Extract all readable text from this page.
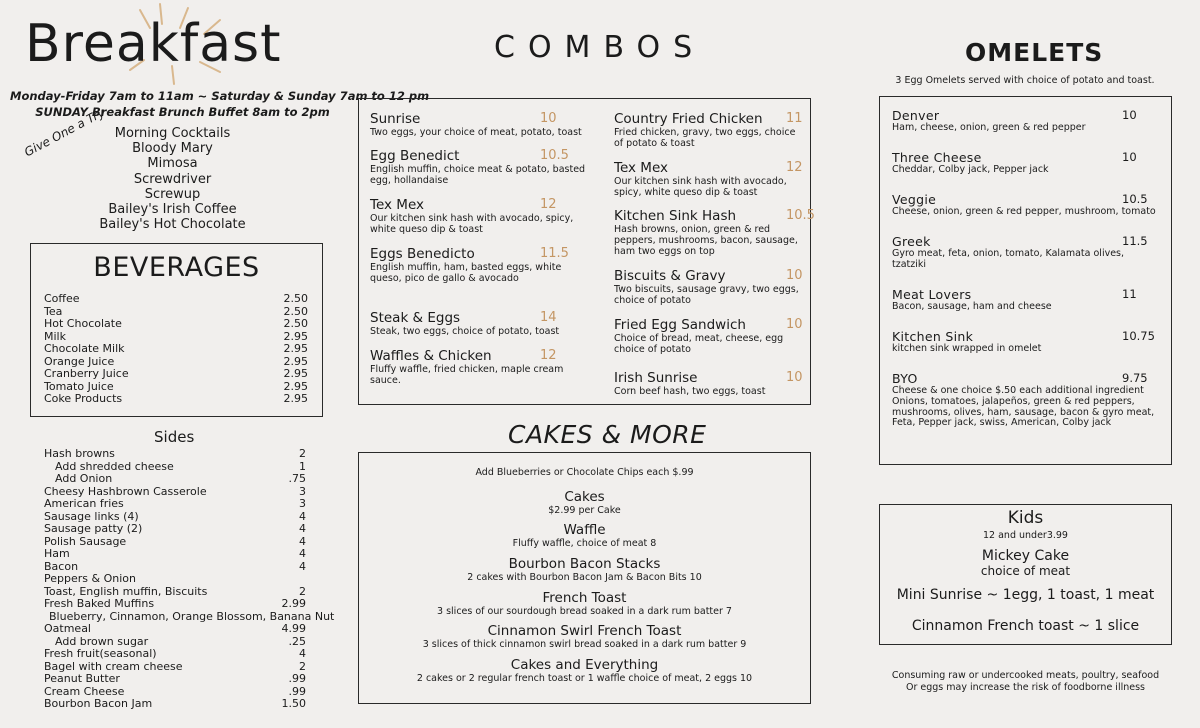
Breakfast
Monday-Friday 7am to 11am ~ Saturday & Sunday 7am to 12 pm
SUNDAY Breakfast Brunch Buffet 8am to 2pm
Give One a Try Morning Cocktails
Bloody Mary
Mimosa
Screwdriver
Screwup
Bailey's Irish Coffee
Bailey's Hot Chocolate
BEVERAGES
Coffee	2.50
Tea	2.50
Hot Chocolate	2.50
Milk	2.95
Chocolate Milk	2.95
Orange Juice	2.95
Cranberry Juice	2.95
Tomato Juice	2.95
Coke Products	2.95
Sides
Hash browns	2
Add shredded cheese	1
Add Onion	.75
Cheesy Hashbrown Casserole	3
American fries	3
Sausage links (4)	4
Sausage patty (2)	4
Polish Sausage	4
Ham	4
Bacon	4
Peppers & Onion
Toast, English muffin, Biscuits	2
Fresh Baked Muffins	2.99
Blueberry, Cinnamon, Orange Blossom, Banana Nut
Oatmeal	4.99
Add brown sugar	.25
Fresh fruit(seasonal)	4
Bagel with cream cheese	2
Peanut Butter	.99
Cream Cheese	.99
Bourbon Bacon Jam	1.50
COMBOS
Sunrise	10
Two eggs, your choice of meat, potato, toast
Egg Benedict	10.5
English muffin, choice meat & potato, basted egg, hollandaise
Tex Mex	12
Our kitchen sink hash with avocado, spicy, white queso dip & toast
Eggs Benedicto	11.5
English muffin, ham, basted eggs, white queso, pico de gallo & avocado
Steak & Eggs	14
Steak, two eggs, choice of potato, toast
Waffles & Chicken	12
Fluffy waffle, fried chicken, maple cream sauce.
Country Fried Chicken	11
Fried chicken, gravy, two eggs, choice of potato & toast
Tex Mex	12
Our kitchen sink hash with avocado, spicy, white queso dip & toast
Kitchen Sink Hash	10.5
Hash browns, onion, green & red peppers, mushrooms, bacon, sausage, ham two eggs on top
Biscuits & Gravy	10
Two biscuits, sausage gravy, two eggs, choice of potato
Fried Egg Sandwich	10
Choice of bread, meat, cheese, egg choice of potato
Irish Sunrise	10
Corn beef hash, two eggs, toast
CAKES & MORE
Add Blueberries or Chocolate Chips each $.99
Cakes
$2.99 per Cake
Waffle
Fluffy waffle, choice of meat 8
Bourbon Bacon Stacks
2 cakes with Bourbon Bacon Jam & Bacon Bits 10
French Toast
3 slices of our sourdough bread soaked in a dark rum batter 7
Cinnamon Swirl French Toast
3 slices of thick cinnamon swirl bread soaked in a dark rum batter 9
Cakes and Everything
2 cakes or 2 regular french toast or 1 waffle choice of meat, 2 eggs 10
OMELETS
3 Egg Omelets served with choice of potato and toast.
Denver	10
Ham, cheese, onion, green & red pepper
Three Cheese	10
Cheddar, Colby jack, Pepper jack
Veggie	10.5
Cheese, onion, green & red pepper, mushroom, tomato
Greek	11.5
Gyro meat, feta, onion, tomato, Kalamata olives, tzatziki
Meat Lovers	11
Bacon, sausage, ham and cheese
Kitchen Sink	10.75
kitchen sink wrapped in omelet
BYO	9.75
Cheese & one choice $.50 each additional ingredient Onions, tomatoes, jalapeños, green & red peppers, mushrooms, olives, ham, sausage, bacon & gyro meat, Feta, Pepper jack, swiss, American, Colby jack
Kids
12 and under3.99
Mickey Cake
choice of meat
Mini Sunrise ~ 1egg, 1 toast, 1 meat
Cinnamon French toast ~ 1 slice
Consuming raw or undercooked meats, poultry, seafood
Or eggs may increase the risk of foodborne illness
